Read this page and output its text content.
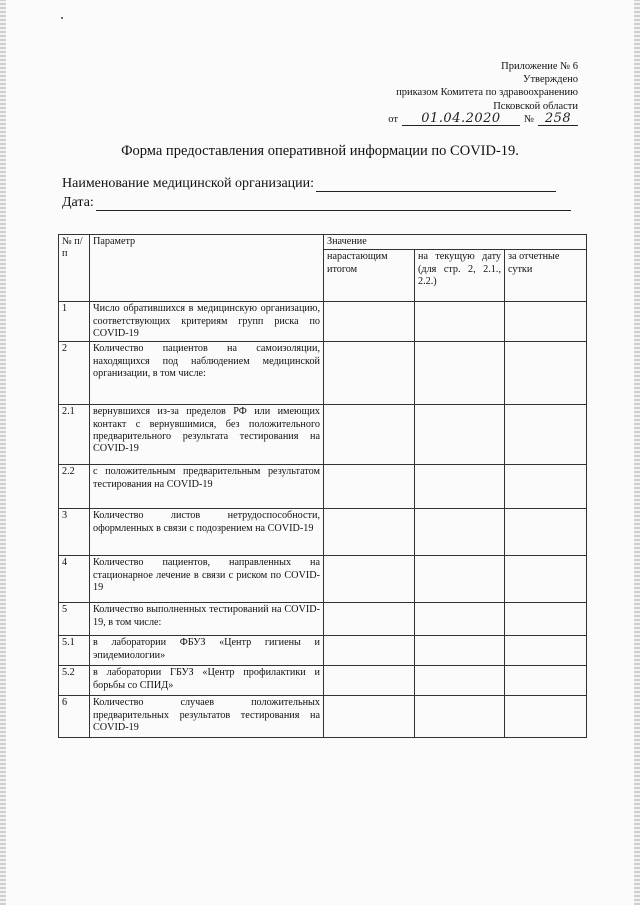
Приложение № 6
Утверждено
приказом Комитета по здравоохранению
Псковской области
от	01.04.2020	№ 258
Форма предоставления оперативной информации по COVID-19.
Наименование медицинской организации:
Дата:
№ п/п	Параметр	Значение		
		нарастающим итогом	на текущую дату (для стр. 2, 2.1., 2.2.)	за отчетные сутки
1	Число обратившихся в медицинскую организацию, соответствующих критериям групп риска по COVID-19			
2	Количество пациентов на самоизоляции, находящихся под наблюдением медицинской организации, в том числе:			
2.1	вернувшихся из-за пределов РФ или имеющих контакт с вернувшимися, без положительного предварительного результата тестирования на COVID-19			
2.2	с положительным предварительным результатом тестирования на COVID-19			
3	Количество листов нетрудоспособности, оформленных в связи с подозрением на COVID-19			
4	Количество пациентов, направленных на стационарное лечение в связи с риском по COVID-19			
5	Количество выполненных тестирований на COVID-19, в том числе:			
5.1	в лаборатории ФБУЗ «Центр гигиены и эпидемиологии»			
5.2	в лаборатории ГБУЗ «Центр профилактики и борьбы со СПИД»			
6	Количество случаев положительных предварительных результатов тестирования на COVID-19			
